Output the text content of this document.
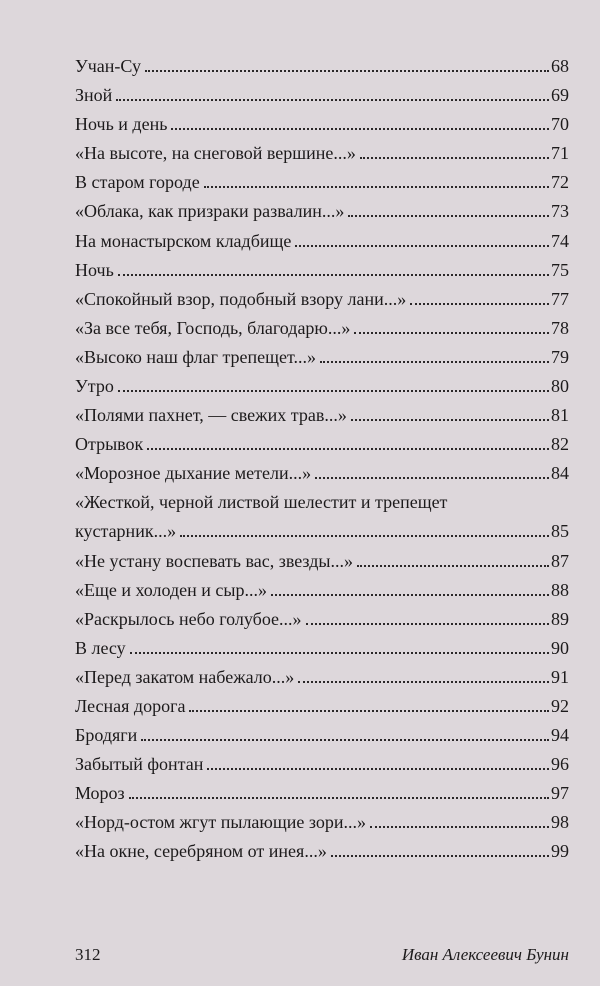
Учан-Су	68
Зной	69
Ночь и день	70
«На высоте, на снеговой вершине...»	71
В старом городе	72
«Облака, как призраки развалин...»	73
На монастырском кладбище	74
Ночь	75
«Спокойный взор, подобный взору лани...»	77
«За все тебя, Господь, благодарю...»	78
«Высоко наш флаг трепещет...»	79
Утро	80
«Полями пахнет, — свежих трав...»	81
Отрывок	82
«Морозное дыхание метели...»	84
«Жесткой, черной листвой шелестит и трепещет
кустарник...»	85
«Не устану воспевать вас, звезды...»	87
«Еще и холоден и сыр...»	88
«Раскрылось небо голубое...»	89
В лесу	90
«Перед закатом набежало...»	91
Лесная дорога	92
Бродяги	94
Забытый фонтан	96
Мороз	97
«Норд-остом жгут пылающие зори...»	98
«На окне, серебряном от инея...»	99
312	Иван Алексеевич Бунин
